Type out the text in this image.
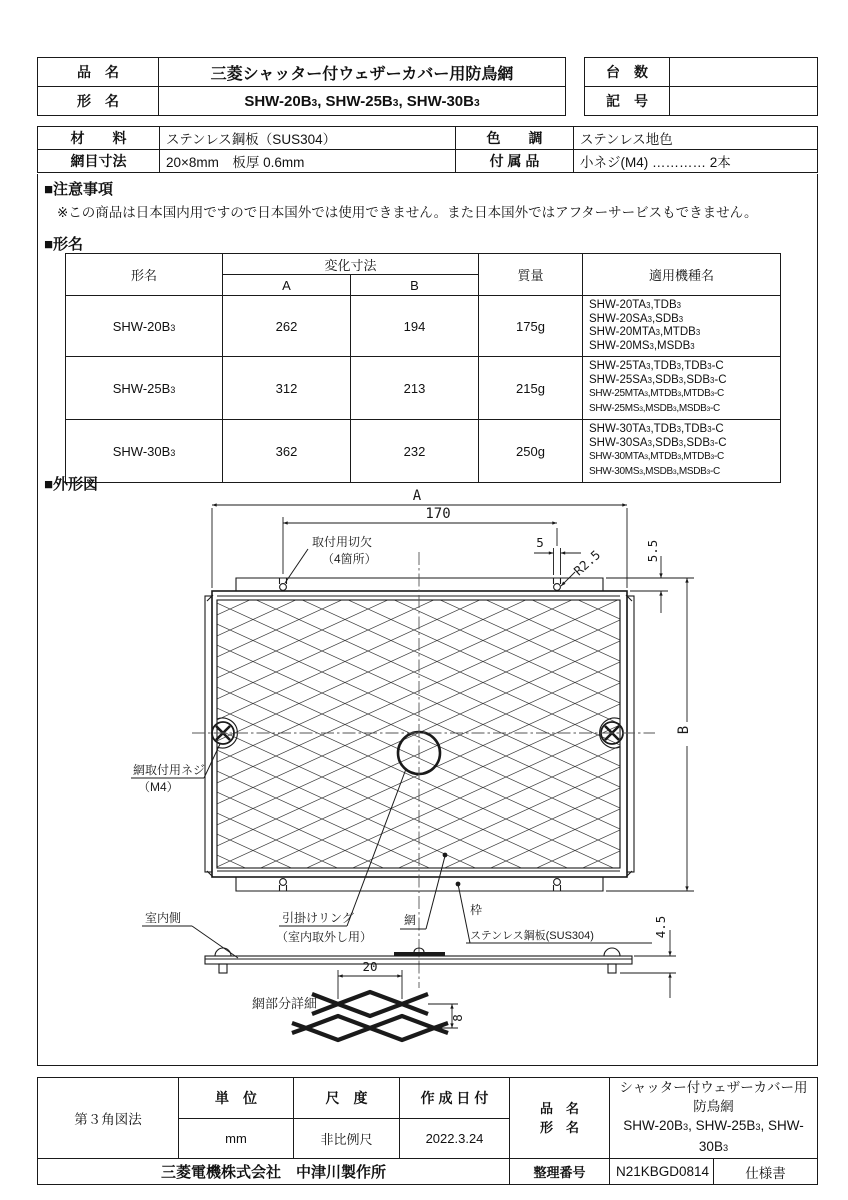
品　名	三菱シャッター付ウェザーカバー用防鳥網
形　名	SHW-20B3, SHW-25B3, SHW-30B3
台　数	
記　号	
材　　料	ステンレス鋼板（SUS304）	色　　調	ステンレス地色
網目寸法	20×8mm　板厚 0.6mm	付 属 品	小ネジ(M4) ………… 2本
■注意事項
※この商品は日本国内用ですので日本国外では使用できません。また日本国外ではアフターサービスもできません。
■形名
形名	変化寸法		質量	適用機種名
	A	B		
SHW-20B3	262	194	175g	SHW-20TA3,TDB3
SHW-20SA3,SDB3
SHW-20MTA3,MTDB3
SHW-20MS3,MSDB3

SHW-25B3	312	213	215g	SHW-25TA3,TDB3,TDB3-C
SHW-25SA3,SDB3,SDB3-C
SHW-25MTA3,MTDB3,MTDB3-C
SHW-25MS3,MSDB3,MSDB3-C

SHW-30B3	362	232	250g	SHW-30TA3,TDB3,TDB3-C
SHW-30SA3,SDB3,SDB3-C
SHW-30MTA3,MTDB3,MTDB3-C
SHW-30MS3,MSDB3,MSDB3-C
■外形図
A
170
5
R2.5	5.5
B
4.5
取付用切欠
（4箇所）
網取付用ネジ
（M4）
室内側	引掛けリング
（室内取外し用）
網
枠
ステンレス鋼板(SUS304)
網部分詳細
20
8
第３角図法	単　位	尺　度	作 成 日 付	
品　名
形　名

シャッター付ウェザーカバー用防鳥網
SHW-20B3, SHW-25B3, SHW-30B3

	mm	非比例尺	2022.3.24			
三菱電機株式会社　中津川製作所				整理番号	N21KBGD0814	仕様書
